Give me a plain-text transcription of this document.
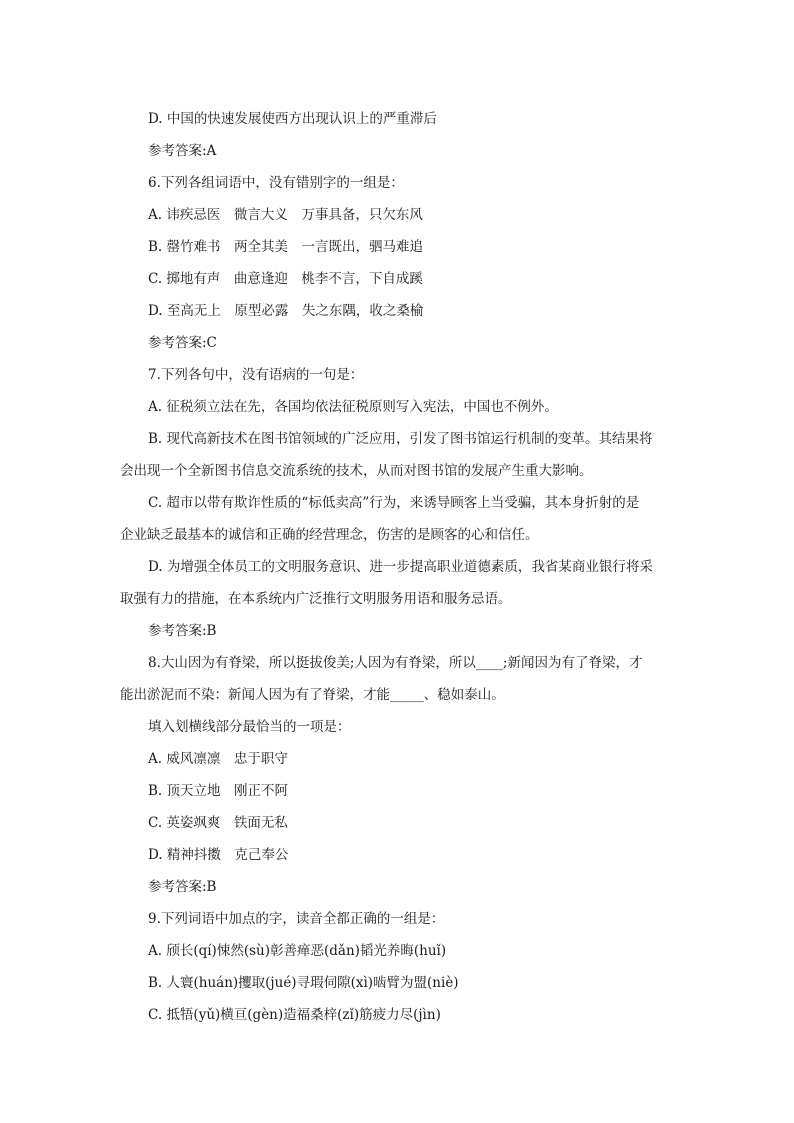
D. 中国的快速发展使西方出现认识上的严重滞后
参考答案:A
6.下列各组词语中，没有错别字的一组是：
A. 讳疾忌医　微言大义　万事具备，只欠东风
B. 罄竹难书　两全其美　一言既出，驷马难追
C. 掷地有声　曲意逢迎　桃李不言，下自成蹊
D. 至高无上　原型必露　失之东隅，收之桑榆
参考答案:C
7.下列各句中，没有语病的一句是：
A. 征税须立法在先，各国均依法征税原则写入宪法，中国也不例外。
B. 现代高新技术在图书馆领域的广泛应用，引发了图书馆运行机制的变革。其结果将
会出现一个全新图书信息交流系统的技术，从而对图书馆的发展产生重大影响。
C. 超市以带有欺诈性质的“标低卖高”行为，来诱导顾客上当受骗，其本身折射的是
企业缺乏最基本的诚信和正确的经营理念，伤害的是顾客的心和信任。
D. 为增强全体员工的文明服务意识、进一步提高职业道德素质，我省某商业银行将采
取强有力的措施，在本系统内广泛推行文明服务用语和服务忌语。
参考答案:B
8.大山因为有脊梁，所以挺拔俊美;人因为有脊梁，所以____;新闻因为有了脊梁，才
能出淤泥而不染：新闻人因为有了脊梁，才能_____、稳如泰山。
填入划横线部分最恰当的一项是：
A. 威风凛凛　忠于职守
B. 顶天立地　刚正不阿
C. 英姿飒爽　铁面无私
D. 精神抖擞　克己奉公
参考答案:B
9.下列词语中加点的字，读音全都正确的一组是：
A. 颀长(qí)悚然(sù)彰善瘅恶(dǎn)韬光养晦(huǐ)
B. 人寰(huán)攫取(jué)寻瑕伺隙(xì)啮臂为盟(niè)
C. 抵牾(yǔ)横亘(gèn)造福桑梓(zǐ)筋疲力尽(jìn)
